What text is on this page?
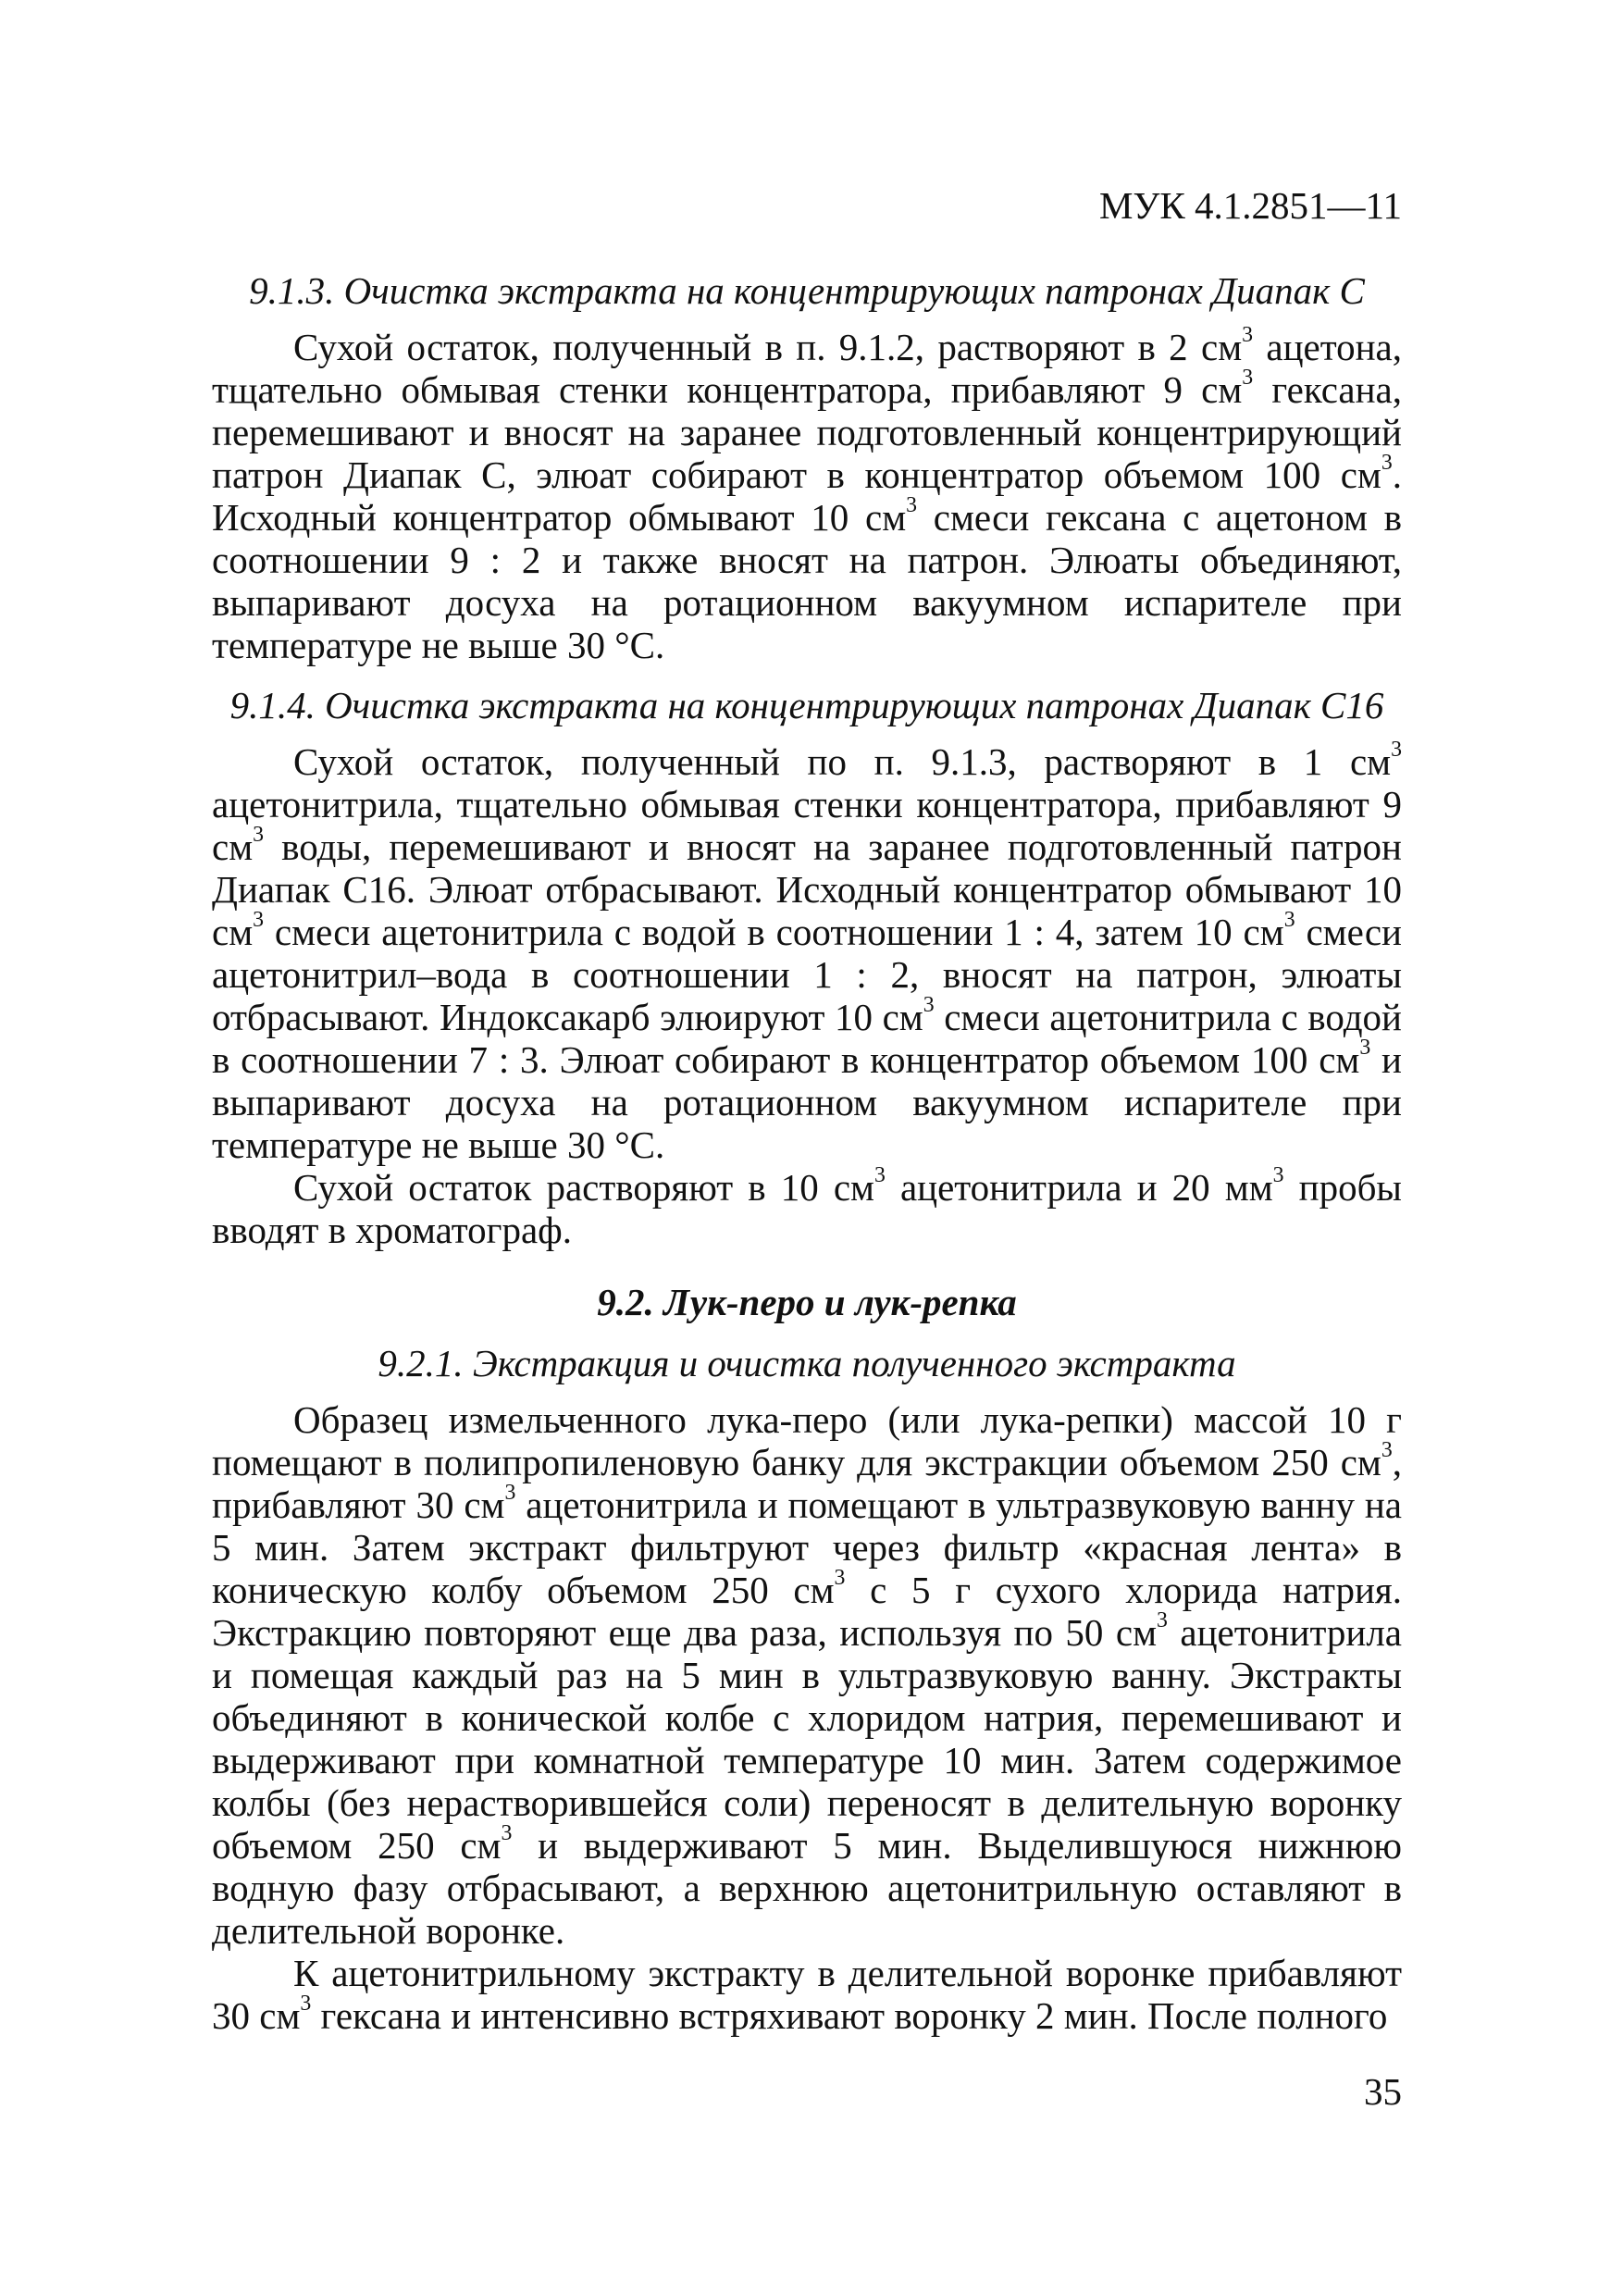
МУК 4.1.2851—11

9.1.3. Очистка экстракта на концентрирующих патронах Диапак С

Сухой остаток, полученный в п. 9.1.2, растворяют в 2 $см^3$ ацетона, тщательно обмывая стенки концентратора, прибавляют 9 $см^3$ гексана, перемешивают и вносят на заранее подготовленный концентрирующий патрон Диапак С, элюат собирают в концентратор объемом 100 $см^3$. Исходный концентратор обмывают 10 $см^3$ смеси гексана с ацетоном в соотношении 9 : 2 и также вносят на патрон. Элюаты объединяют, выпаривают досуха на ротационном вакуумном испарителе при температуре не выше 30 °С.

9.1.4. Очистка экстракта на концентрирующих патронах Диапак С16

Сухой остаток, полученный по п. 9.1.3, растворяют в 1 $см^3$ ацетонитрила, тщательно обмывая стенки концентратора, прибавляют 9 $см^3$ воды, перемешивают и вносят на заранее подготовленный патрон Диапак С16. Элюат отбрасывают. Исходный концентратор обмывают 10 $см^3$ смеси ацетонитрила с водой в соотношении 1 : 4, затем 10 $см^3$ смеси ацетонитрил–вода в соотношении 1 : 2, вносят на патрон, элюаты отбрасывают. Индоксакарб элюируют 10 $см^3$ смеси ацетонитрила с водой в соотношении 7 : 3. Элюат собирают в концентратор объемом 100 $см^3$ и выпаривают досуха на ротационном вакуумном испарителе при температуре не выше 30 °С.

Сухой остаток растворяют в 10 $см^3$ ацетонитрила и 20 $мм^3$ пробы вводят в хроматограф.

9.2. Лук-перо и лук-репка

9.2.1. Экстракция и очистка полученного экстракта

Образец измельченного лука-перо (или лука-репки) массой 10 г помещают в полипропиленовую банку для экстракции объемом 250 $см^3$, прибавляют 30 $см^3$ ацетонитрила и помещают в ультразвуковую ванну на 5 мин. Затем экстракт фильтруют через фильтр «красная лента» в коническую колбу объемом 250 $см^3$ с 5 г сухого хлорида натрия. Экстракцию повторяют еще два раза, используя по 50 $см^3$ ацетонитрила и помещая каждый раз на 5 мин в ультразвуковую ванну. Экстракты объединяют в конической колбе с хлоридом натрия, перемешивают и выдерживают при комнатной температуре 10 мин. Затем содержимое колбы (без нерастворившейся соли) переносят в делительную воронку объемом 250 $см^3$ и выдерживают 5 мин. Выделившуюся нижнюю водную фазу отбрасывают, а верхнюю ацетонитрильную оставляют в делительной воронке.

К ацетонитрильному экстракту в делительной воронке прибавляют 30 $см^3$ гексана и интенсивно встряхивают воронку 2 мин. После полного

35
